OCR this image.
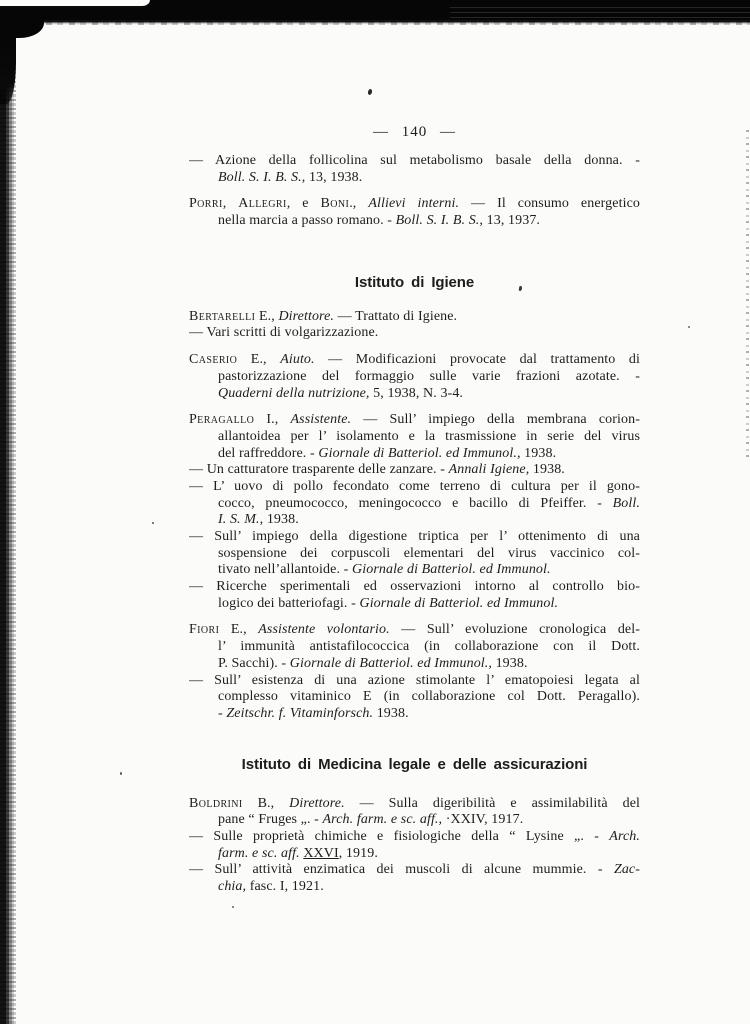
— 140 —

— Azione della follicolina sul metabolismo basale della donna. -
Boll. S. I. B. S., 13, 1938.

Porri, Allegri, e Boni., Allievi interni. — Il consumo energetico
nella marcia a passo romano. - Boll. S. I. B. S., 13, 1937.

Istituto di Igiene

Bertarelli E., Direttore. — Trattato di Igiene.

— Vari scritti di volgarizzazione.

Caserio E., Aiuto. — Modificazioni provocate dal trattamento di
pastorizzazione del formaggio sulle varie frazioni azotate. -
Quaderni della nutrizione, 5, 1938, N. 3-4.

Peragallo I., Assistente. — Sull’ impiego della membrana corion-
allantoidea per l’ isolamento e la trasmissione in serie del virus
del raffreddore. - Giornale di Batteriol. ed Immunol., 1938.

— Un catturatore trasparente delle zanzare. - Annali Igiene, 1938.

— L’ uovo di pollo fecondato come terreno di cultura per il gono-
cocco, pneumococco, meningococco e bacillo di Pfeiffer. - Boll.
I. S. M., 1938.

— Sull’ impiego della digestione triptica per l’ ottenimento di una
sospensione dei corpuscoli elementari del virus vaccinico col-
tivato nell’allantoide. - Giornale di Batteriol. ed Immunol.

— Ricerche sperimentali ed osservazioni intorno al controllo bio-
logico dei batteriofagi. - Giornale di Batteriol. ed Immunol.

Fiori E., Assistente volontario. — Sull’ evoluzione cronologica del-
l’ immunità antistafilococcica (in collaborazione con il Dott.
P. Sacchi). - Giornale di Batteriol. ed Immunol., 1938.

— Sull’ esistenza di una azione stimolante l’ ematopoiesi legata al
complesso vitaminico E (in collaborazione col Dott. Peragallo).
- Zeitschr. f. Vitaminforsch. 1938.

Istituto di Medicina legale e delle assicurazioni

Boldrini B., Direttore. — Sulla digeribilità e assimilabilità del
pane “ Fruges „. - Arch. farm. e sc. aff., ·XXIV, 1917.

— Sulle proprietà chimiche e fisiologiche della “ Lysine „. - Arch.
farm. e sc. aff. XXVI, 1919.

— Sull’ attività enzimatica dei muscoli di alcune mummie. - Zac-
chia, fasc. I, 1921.
